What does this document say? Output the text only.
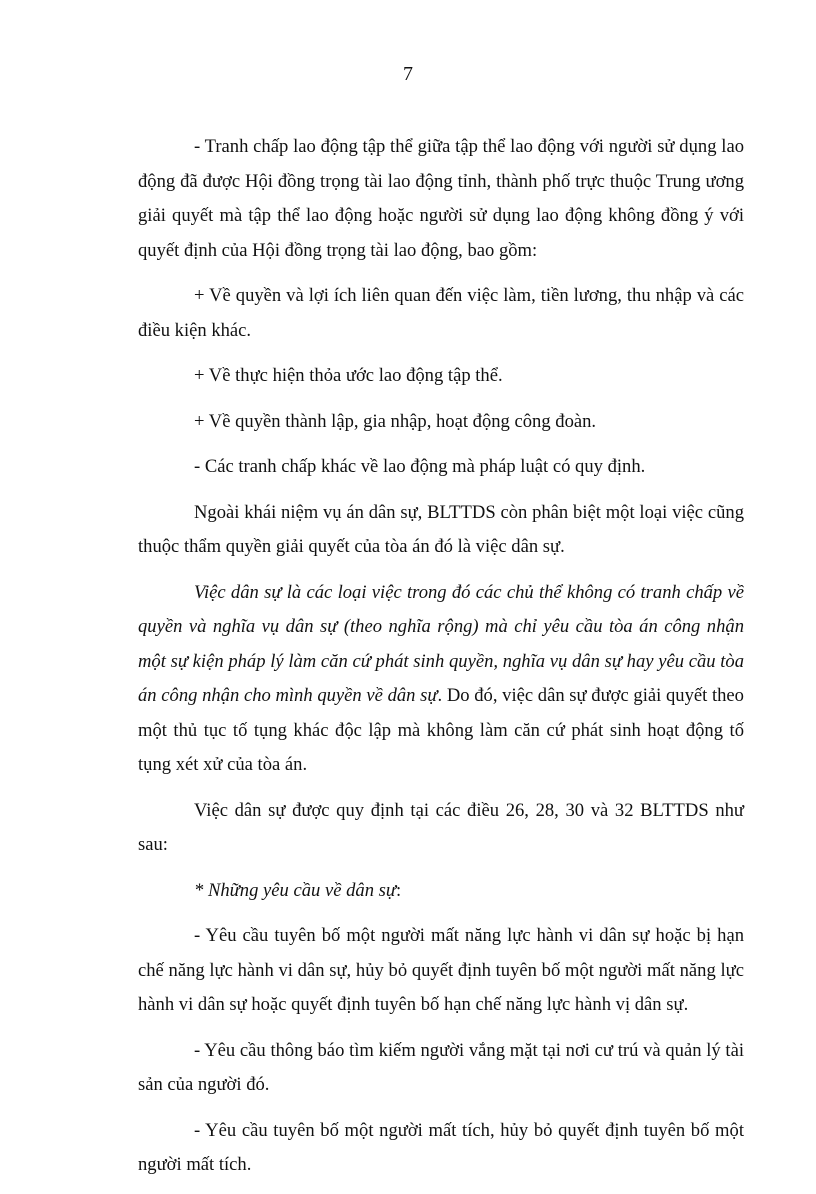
7

- Tranh chấp lao động tập thể giữa tập thể lao động với người sử dụng lao động đã được Hội đồng trọng tài lao động tỉnh, thành phố trực thuộc Trung ương giải quyết mà tập thể lao động hoặc người sử dụng lao động không đồng ý với quyết định của Hội đồng trọng tài lao động, bao gồm:

+ Về quyền và lợi ích liên quan đến việc làm, tiền lương, thu nhập và các điều kiện khác.

+ Về thực hiện thỏa ước lao động tập thể.

+ Về quyền thành lập, gia nhập, hoạt động công đoàn.

- Các tranh chấp khác về lao động mà pháp luật có quy định.

Ngoài khái niệm vụ án dân sự, BLTTDS còn phân biệt một loại việc cũng thuộc thẩm quyền giải quyết của tòa án đó là việc dân sự.

Việc dân sự là các loại việc trong đó các chủ thể không có tranh chấp về quyền và nghĩa vụ dân sự (theo nghĩa rộng) mà chỉ yêu cầu tòa án công nhận một sự kiện pháp lý làm căn cứ phát sinh quyền, nghĩa vụ dân sự hay yêu cầu tòa án công nhận cho mình quyền về dân sự. Do đó, việc dân sự được giải quyết theo một thủ tục tố tụng khác độc lập mà không làm căn cứ phát sinh hoạt động tố tụng xét xử của tòa án.

Việc dân sự được quy định tại các điều 26, 28, 30 và 32 BLTTDS như sau:

* Những yêu cầu về dân sự:

- Yêu cầu tuyên bố một người mất năng lực hành vi dân sự hoặc bị hạn chế năng lực hành vi dân sự, hủy bỏ quyết định tuyên bố một người mất năng lực hành vi dân sự hoặc quyết định tuyên bố hạn chế năng lực hành vị dân sự.

- Yêu cầu thông báo tìm kiếm người vắng mặt tại nơi cư trú và quản lý tài sản của người đó.

- Yêu cầu tuyên bố một người mất tích, hủy bỏ quyết định tuyên bố một người mất tích.
